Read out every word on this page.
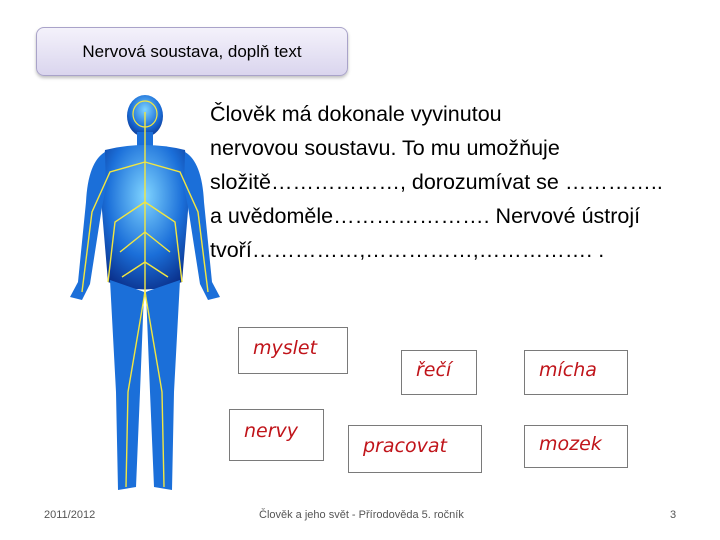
Nervová soustava, doplň text
Člověk má dokonale vyvinutou
nervovou soustavu. To mu umožňuje
složitě………………, dorozumívat se …………..
a uvědoměle…………………. Nervové ústrojí
tvoří……………,……………,……………. .
myslet
řečí	mícha
nervy
pracovat	mozek
2011/2012	Člověk a jeho svět - Přírodověda 5. ročník	3
